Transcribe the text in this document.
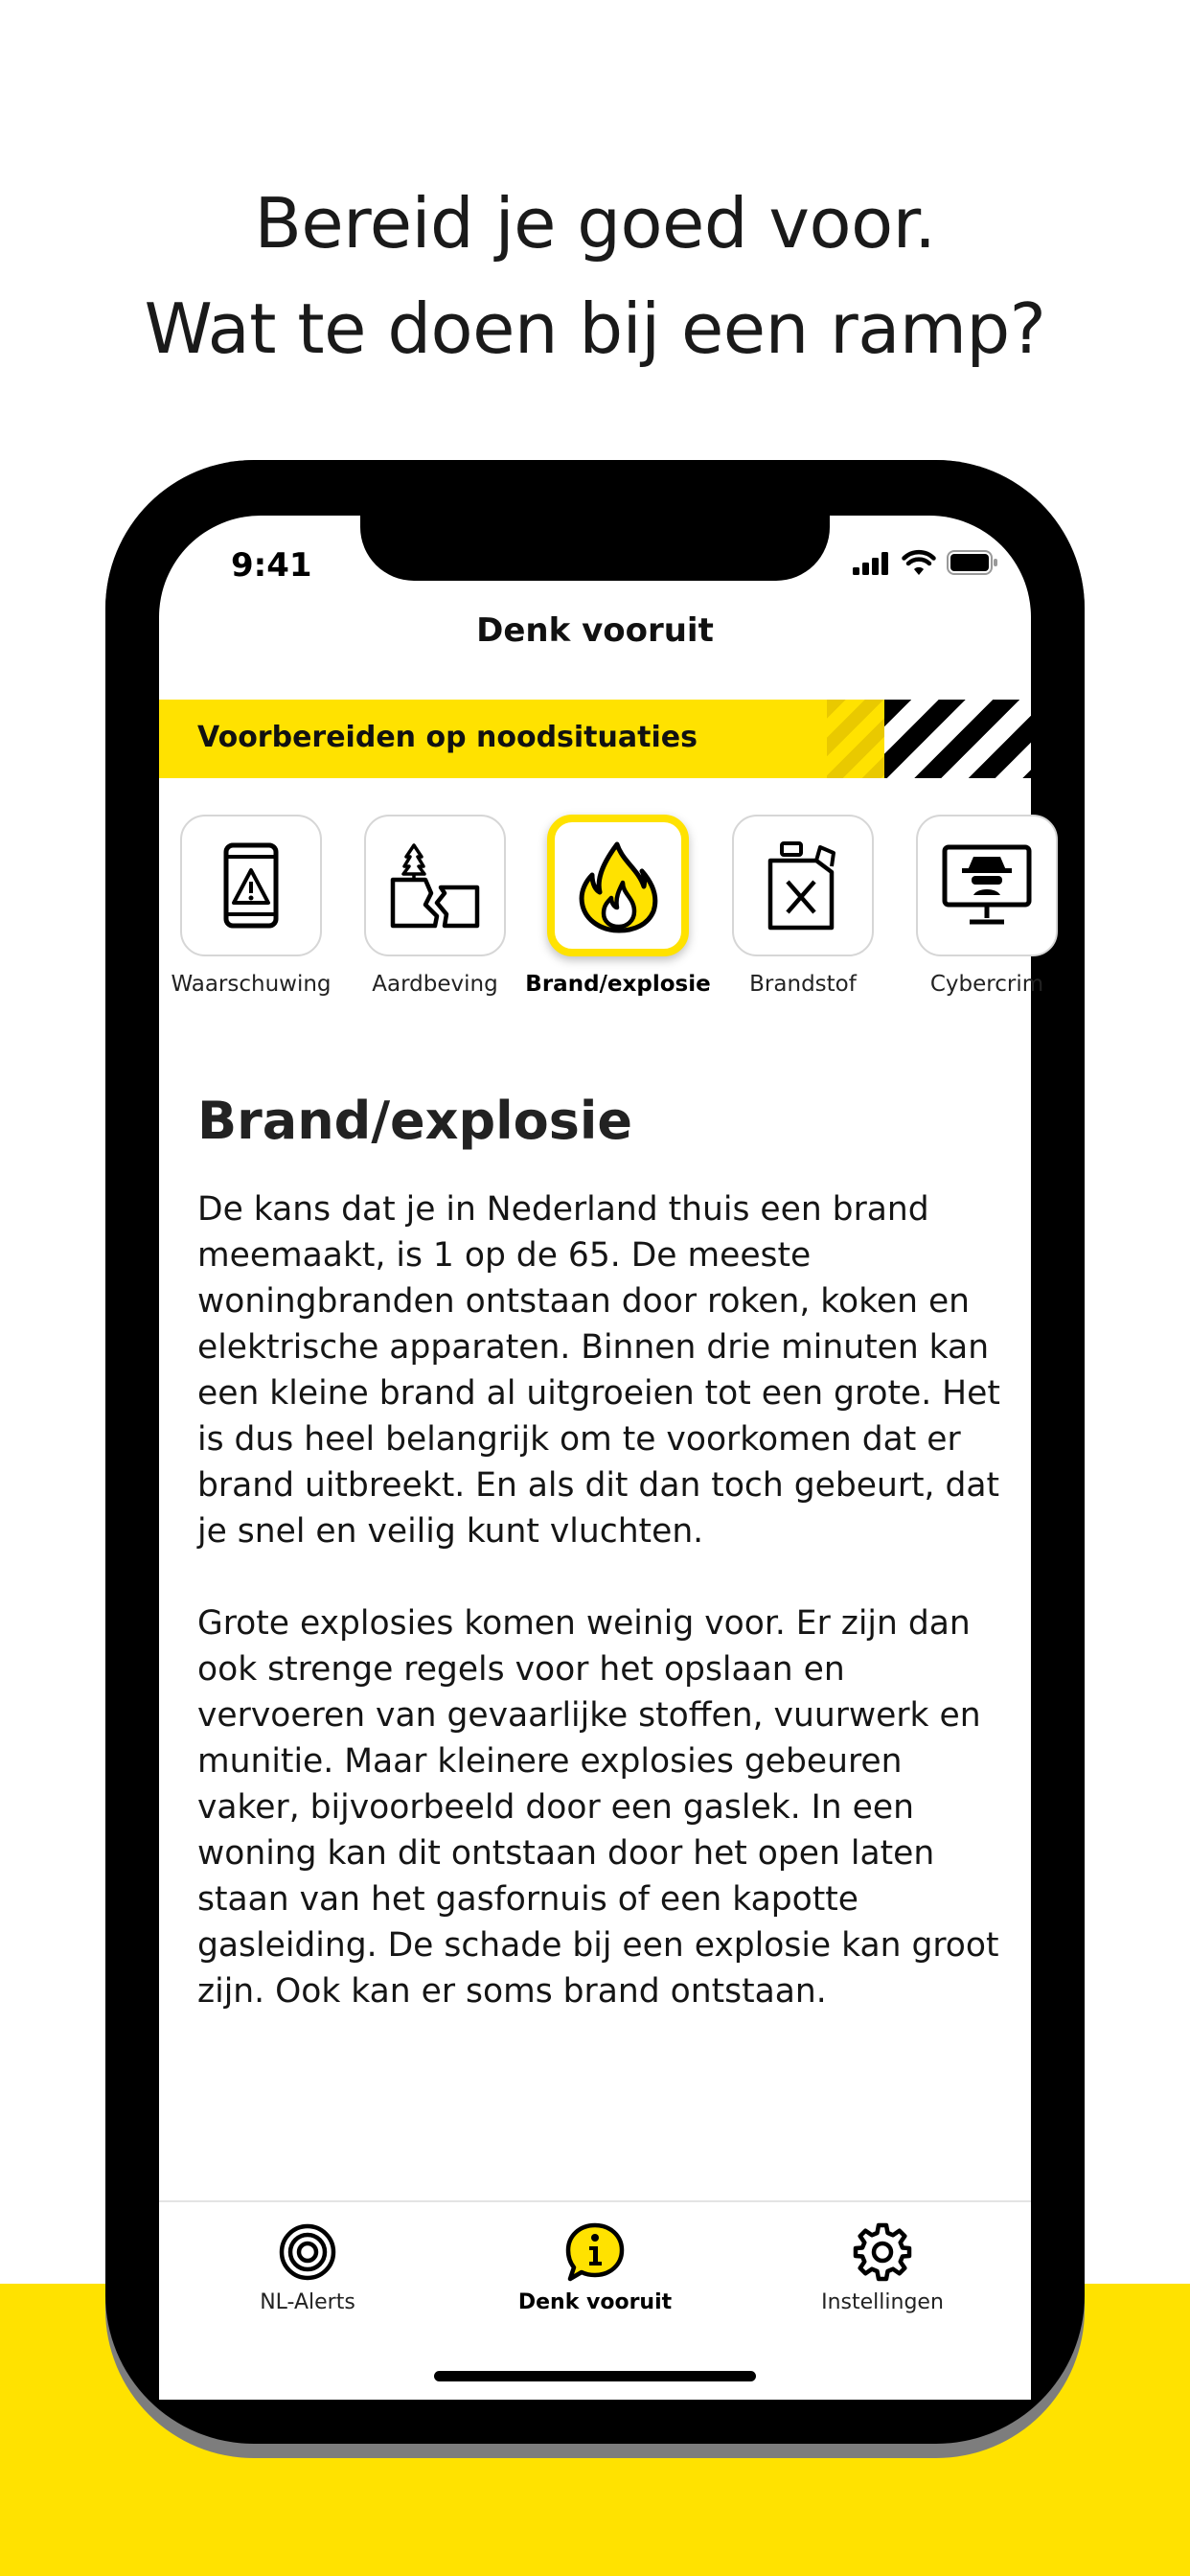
Bereid je goed voor.
Wat te doen bij een ramp?
9:41
Denk vooruit
Voorbereiden op noodsituaties
Waarschuwing	Aardbeving	Brand/explosie	Brandstof	Cybercrim
Brand/explosie

De kans dat je in Nederland thuis een brand meemaakt, is 1 op de 65. De meeste woningbranden ontstaan door roken, koken en elektrische apparaten. Binnen drie minuten kan een kleine brand al uitgroeien tot een grote. Het is dus heel belangrijk om te voorkomen dat er brand uitbreekt. En als dit dan toch gebeurt, dat je snel en veilig kunt vluchten.

Grote explosies komen weinig voor. Er zijn dan ook strenge regels voor het opslaan en vervoeren van gevaarlijke stoffen, vuurwerk en munitie. Maar kleinere explosies gebeuren vaker, bijvoorbeeld door een gaslek. In een woning kan dit ontstaan door het open laten staan van het gasfornuis of een kapotte gasleiding. De schade bij een explosie kan groot zijn. Ook kan er soms brand ontstaan.

NL-Alerts	Denk vooruit	Instellingen
